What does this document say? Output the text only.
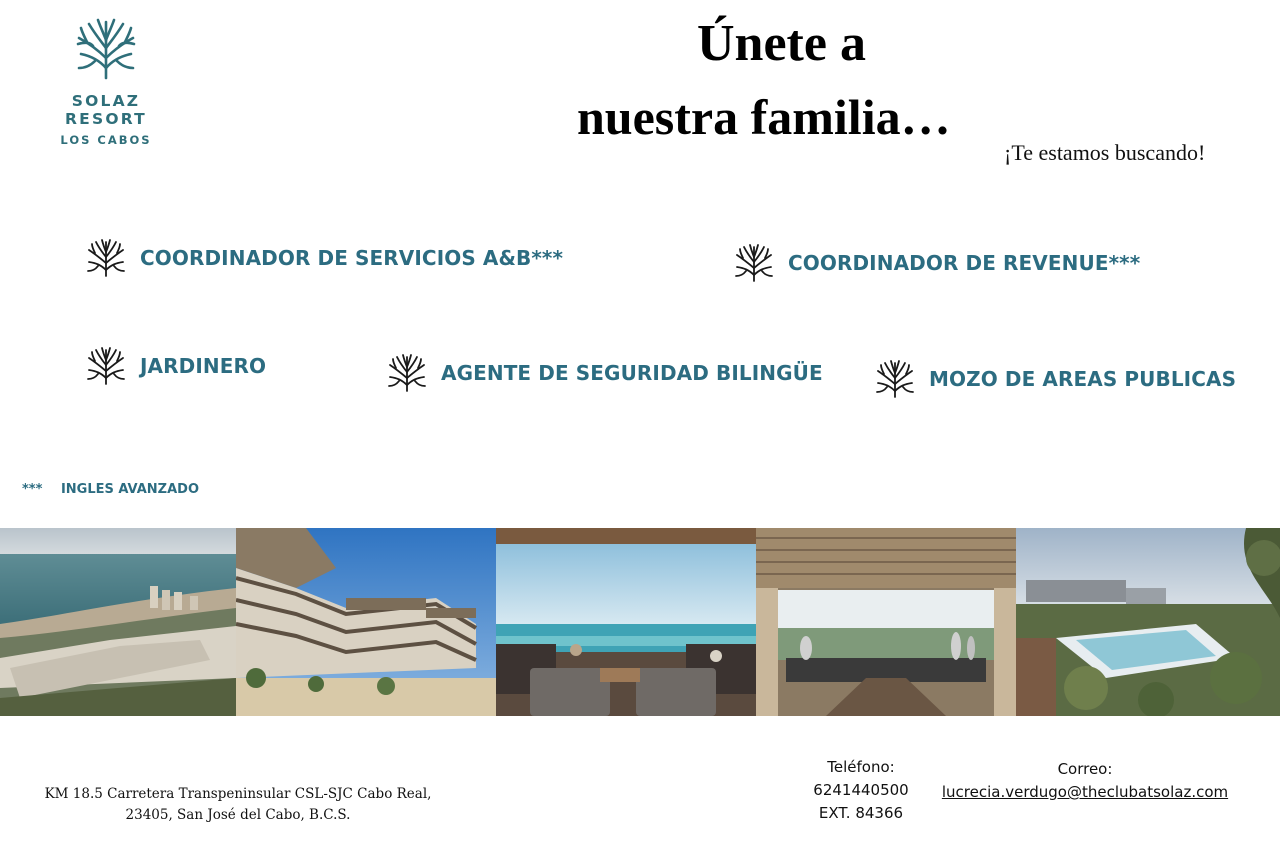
SOLAZ RESORT
LOS CABOS
Únete a
nuestra familia…
¡Te estamos buscando!
COORDINADOR DE SERVICIOS A&B***	COORDINADOR DE REVENUE***
JARDINERO	AGENTE DE SEGURIDAD BILINGÜE	MOZO DE AREAS PUBLICAS
*** INGLES AVANZADO
KM 18.5 Carretera Transpeninsular CSL-SJC Cabo Real,
23405, San José del Cabo, B.C.S.
Teléfono:
6241440500
EXT. 84366
Correo:
lucrecia.verdugo@theclubatsolaz.com
